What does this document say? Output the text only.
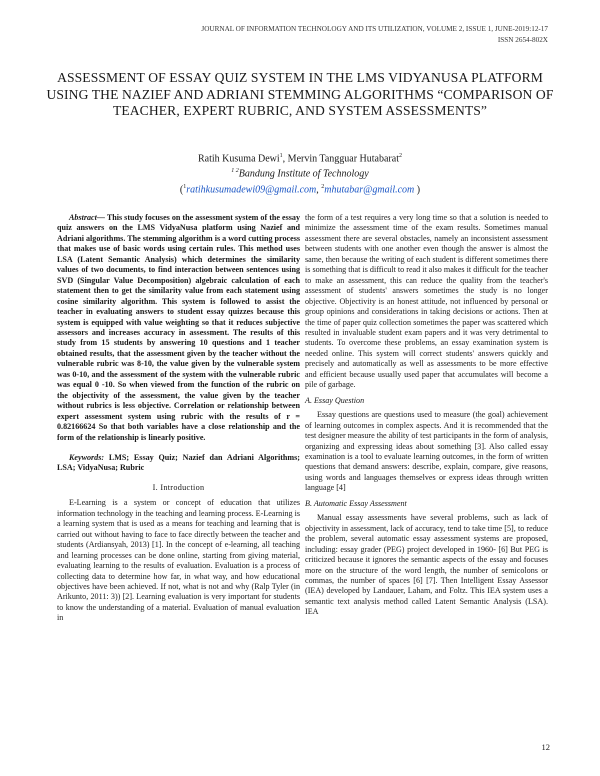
JOURNAL OF INFORMATION TECHNOLOGY AND ITS UTILIZATION, VOLUME 2, ISSUE 1, JUNE-2019:12-17
ISSN 2654-802X
ASSESSMENT OF ESSAY QUIZ SYSTEM IN THE LMS VIDYANUSA PLATFORM USING THE NAZIEF AND ADRIANI STEMMING ALGORITHMS “COMPARISON OF TEACHER, EXPERT RUBRIC, AND SYSTEM ASSESSMENTS”
Ratih Kusuma Dewi$^1$, Mervin Tangguar Hutabarat$^2$
$^{1 2}$Bandung Institute of Technology
($^1$ratihkusumadewi09@gmail.com, $^2$mhutabar@gmail.com )

Abstract— This study focuses on the assessment system of the essay quiz answers on the LMS VidyaNusa platform using Nazief and Adriani algorithms. The stemming algorithm is a word cutting process that makes use of basic words using certain rules. This method uses LSA (Latent Semantic Analysis) which determines the similarity values of two documents, to find interaction between sentences using SVD (Singular Value Decomposition) algebraic calculation of each statement then to get the similarity value from each statement using cosine similarity algorithm. This system is followed to assist the teacher in evaluating answers to student essay quizzes because this system is equipped with value weighting so that it reduces subjective assessors and increases accuracy in assessment. The results of this study from 15 students by answering 10 questions and 1 teacher obtained results, that the assessment given by the teacher without the vulnerable rubric was 8-10, the value given by the vulnerable system was 0-10, and the assessment of the system with the vulnerable rubric was equal 0 -10. So when viewed from the function of the rubric on the objectivity of the assessment, the value given by the teacher without rubrics is less objective. Correlation or relationship between expert assessment system using rubric with the results of r = 0.82166624 So that both variables have a close relationship and the form of the relationship is linearly positive.

Keywords: LMS; Essay Quiz; Nazief dan Adriani Algorithms; LSA; VidyaNusa; Rubric

I. Introduction

E-Learning is a system or concept of education that utilizes information technology in the teaching and learning process. E-Learning is a learning system that is used as a means for teaching and learning that is carried out without having to face to face directly between the teacher and students (Ardiansyah, 2013) [1]. In the concept of e-learning, all teaching and learning processes can be done online, starting from giving material, evaluating learning to the results of evaluation. Evaluation is a process of collecting data to determine how far, in what way, and how educational objectives have been achieved. If not, what is not and why (Ralp Tyler (in Arikunto, 2011: 3)) [2]. Learning evaluation is very important for students to know the understanding of a material. Evaluation of manual evaluation in

the form of a test requires a very long time so that a solution is needed to minimize the assessment time of the exam results. Sometimes manual assessment there are several obstacles, namely an inconsistent assessment between students with one another even though the answer is almost the same, then because the writing of each student is different sometimes there is something that is difficult to read it also makes it difficult for the teacher to make an assessment, this can reduce the quality from the teacher's assessment of students' answers sometimes the study is no longer objective. Objectivity is an honest attitude, not influenced by personal or group opinions and considerations in taking decisions or actions. Then at the time of paper quiz collection sometimes the paper was scattered which resulted in invaluable student exam papers and it was very detrimental to students. To overcome these problems, an essay examination system is needed online. This system will correct students' answers quickly and precisely and automatically as well as assessments to be more effective and efficient because usually used paper that accumulates will become a pile of garbage.

A. Essay Question

Essay questions are questions used to measure (the goal) achievement of learning outcomes in complex aspects. And it is recommended that the test designer measure the ability of test participants in the form of analysis, organizing and expressing ideas about something [3]. Also called essay examination is a tool to evaluate learning outcomes, in the form of written questions that demand answers: describe, explain, compare, give reasons, using words and languages themselves or express ideas through written language [4]

B. Automatic Essay Assessment

Manual essay assessments have several problems, such as lack of objectivity in assessment, lack of accuracy, tend to take time [5], to reduce the problem, several automatic essay assessment systems are proposed, including: essay grader (PEG) project developed in 1960- [6] But PEG is criticized because it ignores the semantic aspects of the essay and focuses more on the structure of the word length, the number of semicolons or commas, the number of spaces [6] [7]. Then Intelligent Essay Assessor (IEA) developed by Landauer, Laham, and Foltz. This IEA system uses a semantic text analysis method called Latent Semantic Analysis (LSA). IEA

12
